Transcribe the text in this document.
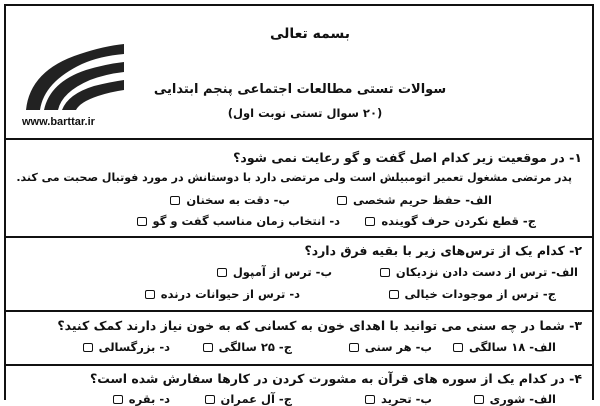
www.barttar.ir
بسمه تعالی
سوالات تستی مطالعات اجتماعی پنجم ابتدایی
(۲۰ سوال تستی نوبت اول)
۱- در موقعیت زیر کدام اصل گفت و گو رعایت نمی شود؟
پدر مرتضی مشغول تعمیر اتومبیلش است ولی مرتضی دارد با دوستانش در مورد فوتبال صحبت می کند.
الف- حفظ حریم شخصی
ب- دقت به سخنان
ج- قطع نکردن حرف گوینده
د- انتخاب زمان مناسب گفت و گو
۲- کدام یک از ترس‌های زیر با بقیه فرق دارد؟
الف- ترس از دست دادن نزدیکان
ب- ترس از آمپول
ج- ترس از موجودات خیالی
د- ترس از حیوانات درنده
۳- شما در چه سنی می توانید با اهدای خون به کسانی که به خون نیاز دارند کمک کنید؟
الف- ۱۸ سالگی
ب- هر سنی
ج- ۲۵ سالگی
د- بزرگسالی
۴- در کدام یک از سوره های قرآن به مشورت کردن در کارها سفارش شده است؟
الف- شوری
ب- تحرید
ج- آل عمران
د- بقره
